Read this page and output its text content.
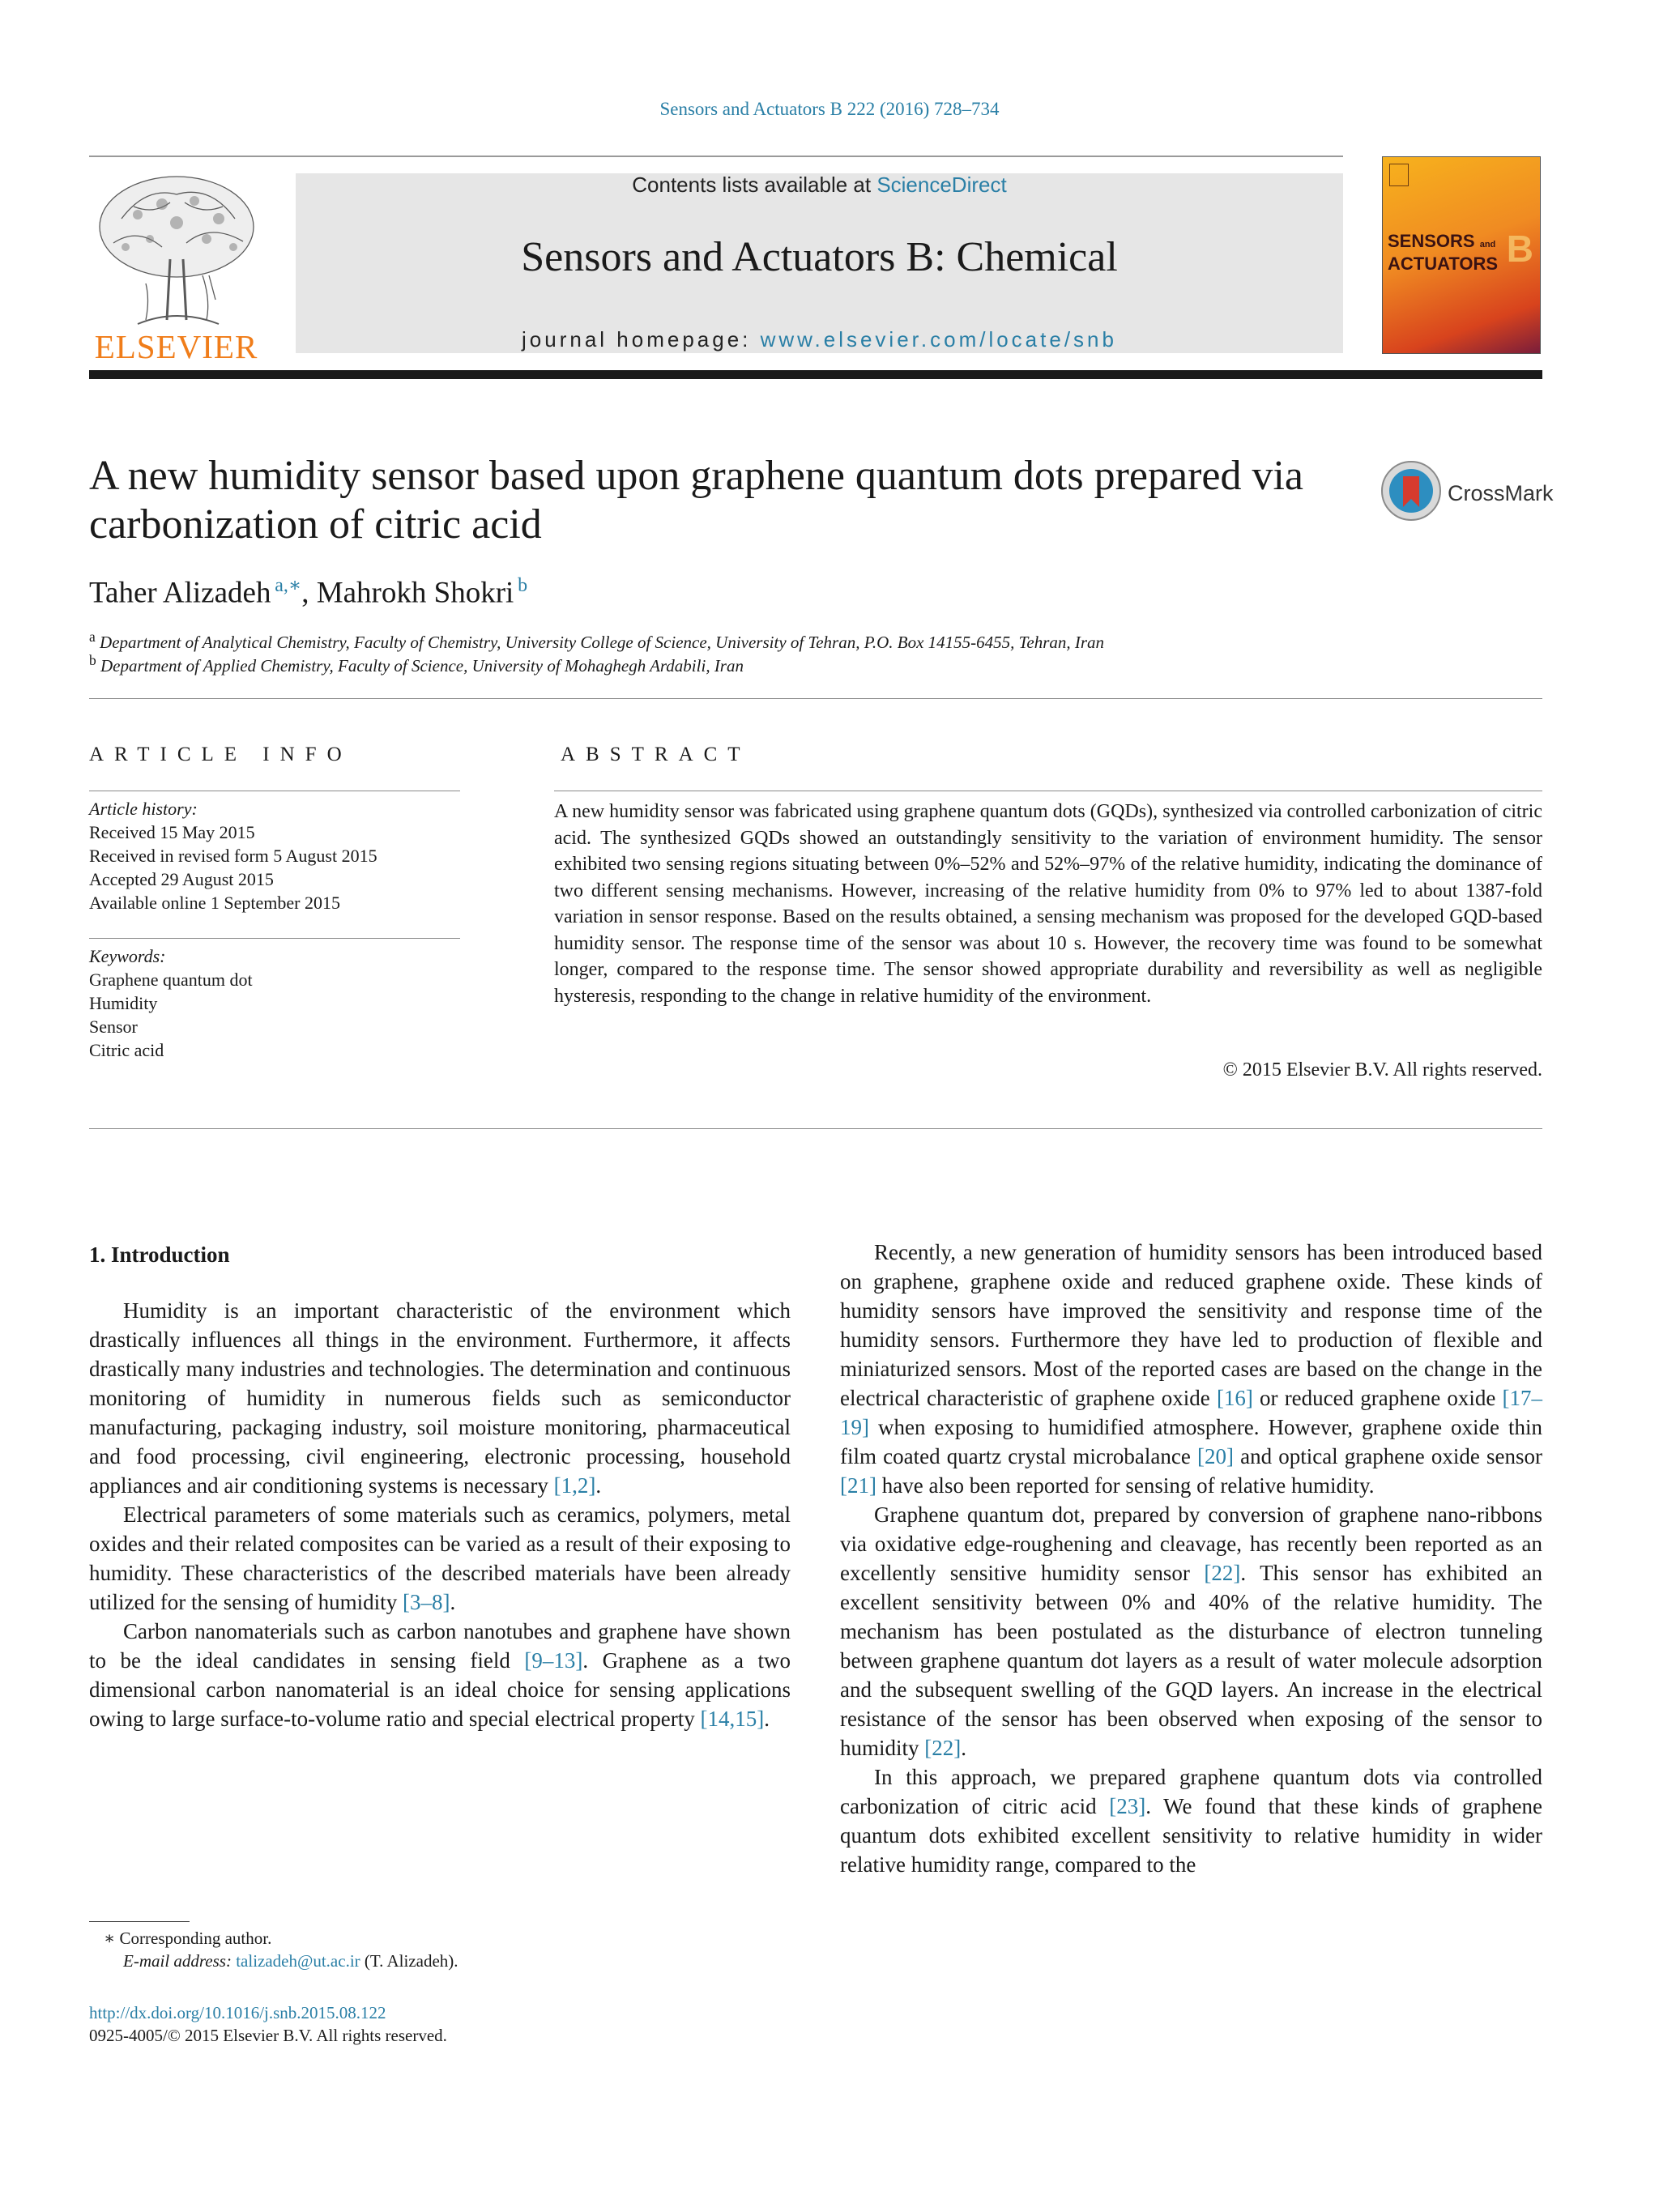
Sensors and Actuators B 222 (2016) 728–734
ELSEVIER
Contents lists available at ScienceDirect
Sensors and Actuators B: Chemical
journal homepage: www.elsevier.com/locate/snb
SENSORS and
ACTUATORS B
A new humidity sensor based upon graphene quantum dots prepared via carbonization of citric acid
CrossMark
Taher Alizadeh  $^{a,∗}$, Mahrokh Shokri  $^b$
$^a$ Department of Analytical Chemistry, Faculty of Chemistry, University College of Science, University of Tehran, P.O. Box 14155-6455, Tehran, Iran
$^b$ Department of Applied Chemistry, Faculty of Science, University of Mohaghegh Ardabili, Iran
ARTICLE INFO	ABSTRACT
Article history:
Received 15 May 2015
Received in revised form 5 August 2015
Accepted 29 August 2015
Available online 1 September 2015
Keywords:
Graphene quantum dot
Humidity
Sensor
Citric acid
A new humidity sensor was fabricated using graphene quantum dots (GQDs), synthesized via controlled carbonization of citric acid. The synthesized GQDs showed an outstandingly sensitivity to the variation of environment humidity. The sensor exhibited two sensing regions situating between 0%–52% and 52%–97% of the relative humidity, indicating the dominance of two different sensing mechanisms. However, increasing of the relative humidity from 0% to 97% led to about 1387-fold variation in sensor response. Based on the results obtained, a sensing mechanism was proposed for the developed GQD-based humidity sensor. The response time of the sensor was about 10 s. However, the recovery time was found to be somewhat longer, compared to the response time. The sensor showed appropriate durability and reversibility as well as negligible hysteresis, responding to the change in relative humidity of the environment.
© 2015 Elsevier B.V. All rights reserved.
1. Introduction

Humidity is an important characteristic of the environment which drastically influences all things in the environment. Furthermore, it affects drastically many industries and technologies. The determination and continuous monitoring of humidity in numerous fields such as semiconductor manufacturing, packaging industry, soil moisture monitoring, pharmaceutical and food processing, civil engineering, electronic processing, household appliances and air conditioning systems is necessary [1,2].

Electrical parameters of some materials such as ceramics, polymers, metal oxides and their related composites can be varied as a result of their exposing to humidity. These characteristics of the described materials have been already utilized for the sensing of humidity [3–8].

Carbon nanomaterials such as carbon nanotubes and graphene have shown to be the ideal candidates in sensing field [9–13]. Graphene as a two dimensional carbon nanomaterial is an ideal choice for sensing applications owing to large surface-to-volume ratio and special electrical property [14,15].

Recently, a new generation of humidity sensors has been introduced based on graphene, graphene oxide and reduced graphene oxide. These kinds of humidity sensors have improved the sensitivity and response time of the humidity sensors. Furthermore they have led to production of flexible and miniaturized sensors. Most of the reported cases are based on the change in the electrical characteristic of graphene oxide [16] or reduced graphene oxide [17–19] when exposing to humidified atmosphere. However, graphene oxide thin film coated quartz crystal microbalance [20] and optical graphene oxide sensor [21] have also been reported for sensing of relative humidity.

Graphene quantum dot, prepared by conversion of graphene nano-ribbons via oxidative edge-roughening and cleavage, has recently been reported as an excellently sensitive humidity sensor [22]. This sensor has exhibited an excellent sensitivity between 0% and 40% of the relative humidity. The mechanism has been postulated as the disturbance of electron tunneling between graphene quantum dot layers as a result of water molecule adsorption and the subsequent swelling of the GQD layers. An increase in the electrical resistance of the sensor has been observed when exposing of the sensor to humidity [22].

In this approach, we prepared graphene quantum dots via controlled carbonization of citric acid [23]. We found that these kinds of graphene quantum dots exhibited excellent sensitivity to relative humidity in wider relative humidity range, compared to the

∗ Corresponding author.
E-mail address: talizadeh@ut.ac.ir (T. Alizadeh).
http://dx.doi.org/10.1016/j.snb.2015.08.122
0925-4005/© 2015 Elsevier B.V. All rights reserved.
